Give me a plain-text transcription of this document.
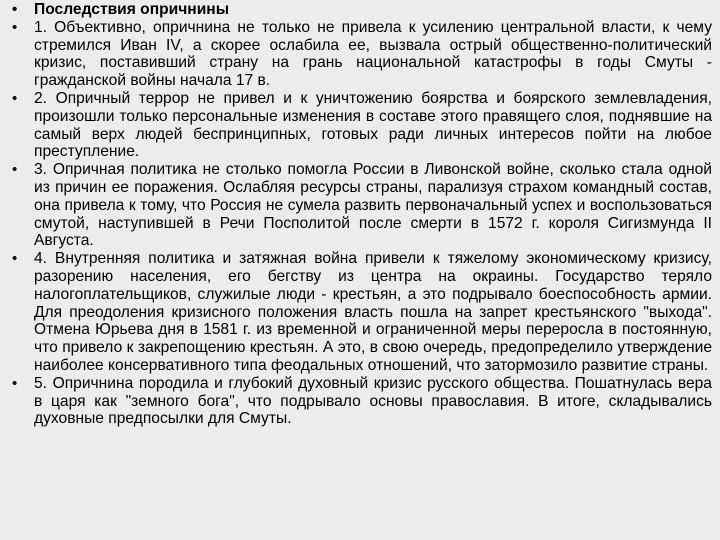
• Последствия опричнины
• 1. Объективно, опричнина не только не привела к усилению центральной власти, к чему стремился Иван IV, а скорее ослабила ее, вызвала острый общественно-политический кризис, поставивший страну на грань национальной катастрофы в годы Смуты - гражданской войны начала 17 в.
• 2. Опричный террор не привел и к уничтожению боярства и боярского землевладения, произошли только персональные изменения в составе этого правящего слоя, поднявшие на самый верх людей беспринципных, готовых ради личных интересов пойти на любое преступление.
• 3. Опричная политика не столько помогла России в Ливонской войне, сколько стала одной из причин ее поражения. Ослабляя ресурсы страны, парализуя страхом командный состав, она привела к тому, что Россия не сумела развить первоначальный успех и воспользоваться смутой, наступившей в Речи Посполитой после смерти в 1572 г. короля Сигизмунда II Августа.
• 4. Внутренняя политика и затяжная война привели к тяжелому экономическому кризису, разорению населения, его бегству из центра на окраины. Государство теряло налогоплательщиков, служилые люди - крестьян, а это подрывало боеспособность армии. Для преодоления кризисного положения власть пошла на запрет крестьянского "выхода". Отмена Юрьева дня в 1581 г. из временной и ограниченной меры переросла в постоянную, что привело к закрепощению крестьян. А это, в свою очередь, предопределило утверждение наиболее консервативного типа феодальных отношений, что затормозило развитие страны.
• 5. Опричнина породила и глубокий духовный кризис русского общества. Пошатнулась вера в царя как "земного бога", что подрывало основы православия. В итоге, складывались духовные предпосылки для Смуты.
